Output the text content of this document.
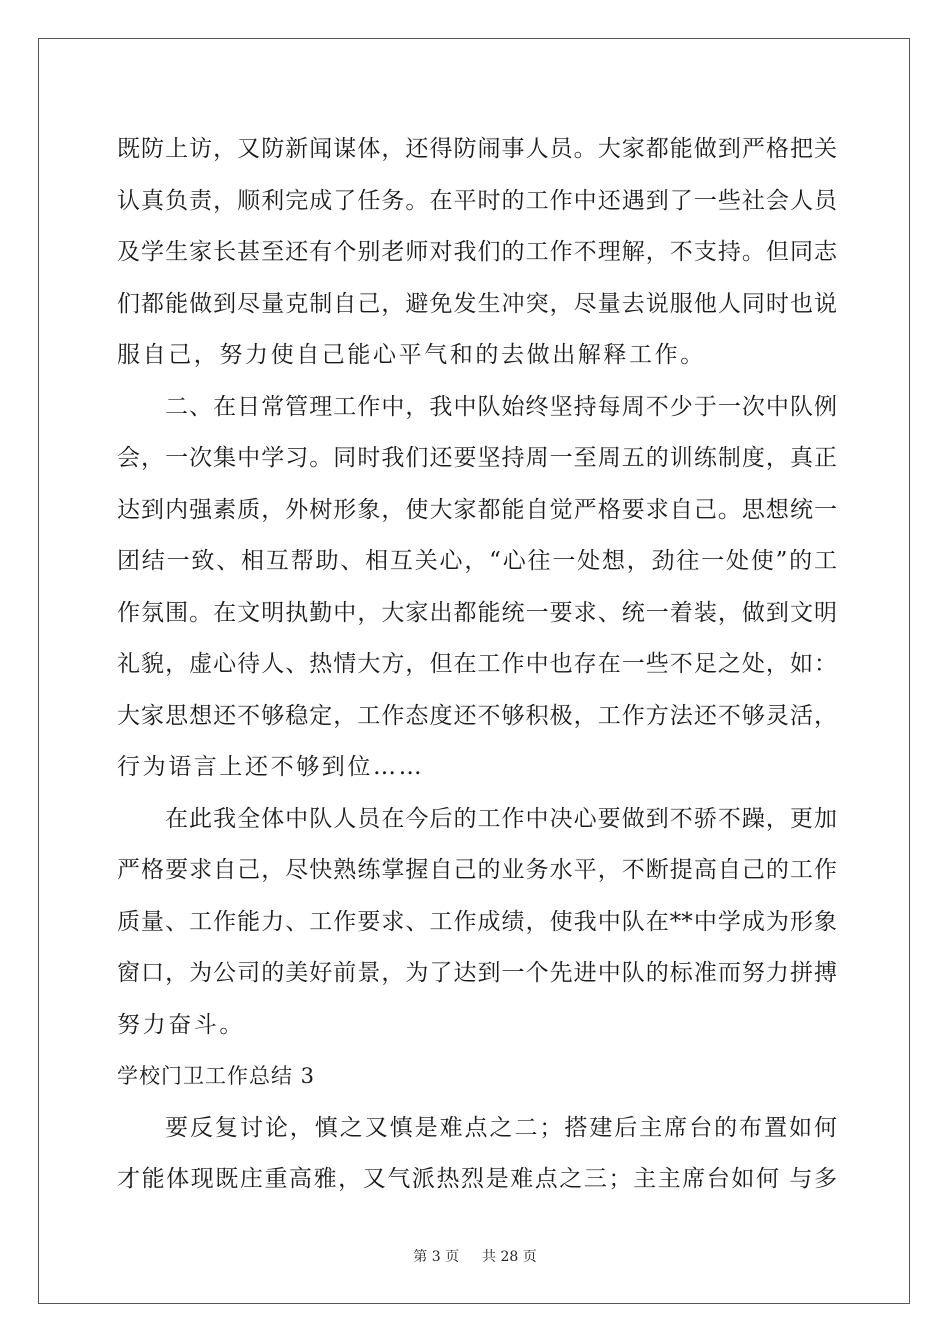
既防上访，又防新闻谋体，还得防闹事人员。大家都能做到严格把关
认真负责，顺利完成了任务。在平时的工作中还遇到了一些社会人员
及学生家长甚至还有个别老师对我们的工作不理解，不支持。但同志
们都能做到尽量克制自己，避免发生冲突，尽量去说服他人同时也说
服自己，努力使自己能心平气和的去做出解释工作。
二、在日常管理工作中，我中队始终坚持每周不少于一次中队例
会，一次集中学习。同时我们还要坚持周一至周五的训练制度，真正
达到内强素质，外树形象，使大家都能自觉严格要求自己。思想统一
团结一致、相互帮助、相互关心，“心往一处想，劲往一处使”的工
作氛围。在文明执勤中，大家出都能统一要求、统一着装，做到文明
礼貌，虚心待人、热情大方，但在工作中也存在一些不足之处，如：
大家思想还不够稳定，工作态度还不够积极，工作方法还不够灵活，
行为语言上还不够到位……
在此我全体中队人员在今后的工作中决心要做到不骄不躁，更加
严格要求自己，尽快熟练掌握自己的业务水平，不断提高自己的工作
质量、工作能力、工作要求、工作成绩，使我中队在**中学成为形象
窗口，为公司的美好前景，为了达到一个先进中队的标准而努力拼搏
努力奋斗。
学校门卫工作总结 3
要反复讨论，慎之又慎是难点之二；搭建后主席台的布置如何
才能体现既庄重高雅，又气派热烈是难点之三；主主席台如何 与多
第 3 页 共 28 页
